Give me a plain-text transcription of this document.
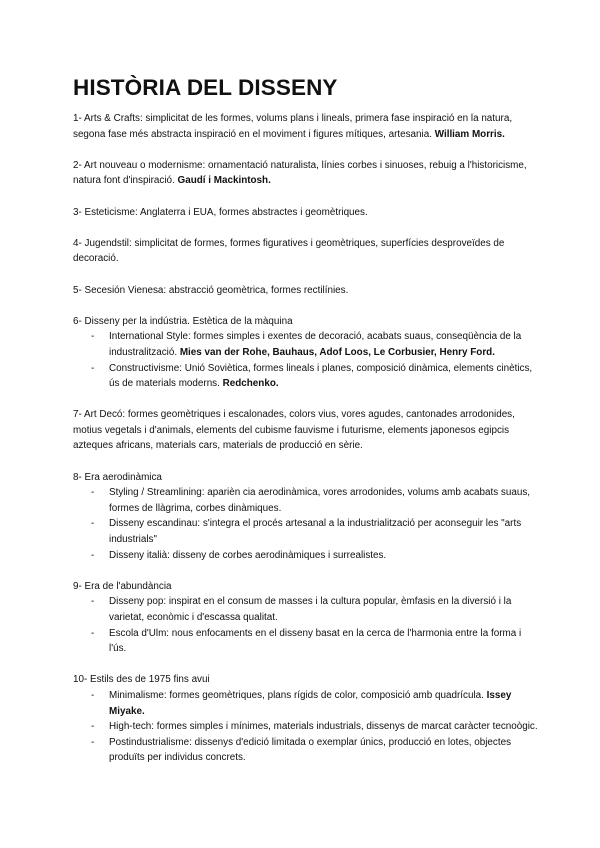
HISTÒRIA DEL DISSENY

1- Arts & Crafts: simplicitat de les formes, volums plans i lineals, primera fase inspiració en la natura, segona fase més abstracta inspiració en el moviment i figures mítiques, artesania. William Morris.

2- Art nouveau o modernisme: ornamentació naturalista, línies corbes i sinuoses, rebuig a l'historicisme, natura font d'inspiració. Gaudí i Mackintosh.

3- Esteticisme: Anglaterra i EUA, formes abstractes i geomètriques.

4- Jugendstil: simplicitat de formes, formes figuratives i geomètriques, superfícies desproveïdes de decoració.

5- Secesión Vienesa: abstracció geomètrica, formes rectilínies.

6- Disseny per la indústria. Estètica de la màquina

- International Style: formes simples i exentes de decoració, acabats suaus, conseqüència de la industralització. Mies van der Rohe, Bauhaus, Adof Loos, Le Corbusier, Henry Ford.
- Constructivisme: Unió Soviètica, formes lineals i planes, composició dinàmica, elements cinètics, ús de materials moderns. Redchenko.

7- Art Decó: formes geomètriques i escalonades, colors vius, vores agudes, cantonades arrodonides, motius vegetals i d'animals, elements del cubisme fauvisme i futurisme, elements japonesos egipcis azteques africans, materials cars, materials de producció en sèrie.

8- Era aerodinàmica

- Styling / Streamlining: aparièn cia aerodinàmica, vores arrodonides, volums amb acabats suaus, formes de llàgrima, corbes dinàmiques.
- Disseny escandinau: s'integra el procés artesanal a la industrialització per aconseguir les "arts industrials"
- Disseny italià: disseny de corbes aerodinàmiques i surrealistes.

9- Era de l'abundància

- Disseny pop: inspirat en el consum de masses i la cultura popular, èmfasis en la diversió i la varietat, econòmic i d'escassa qualitat.
- Escola d'Ulm: nous enfocaments en el disseny basat en la cerca de l'harmonia entre la forma i l'ús.

10- Estils des de 1975 fins avui

- Minimalisme: formes geomètriques, plans rígids de color, composició amb quadrícula. Issey Miyake.
- High-tech: formes simples i mínimes, materials industrials, dissenys de marcat caràcter tecnoògic.
- Postindustrialisme: dissenys d'edició limitada o exemplar únics, producció en lotes, objectes produïts per individus concrets.
